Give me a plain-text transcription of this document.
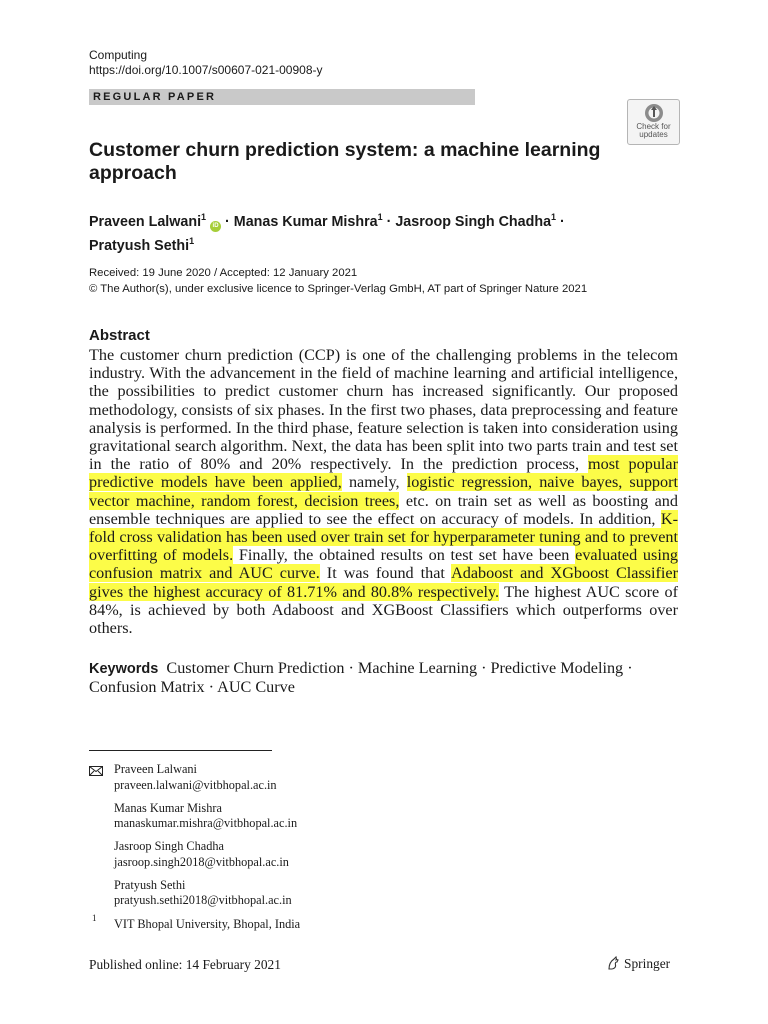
Computing
https://doi.org/10.1007/s00607-021-00908-y
REGULAR PAPER
Check for
updates
Customer churn prediction system: a machine learning approach
Praveen Lalwani$^1$ iD · Manas Kumar Mishra$^1$ · Jasroop Singh Chadha$^1$ ·
Pratyush Sethi$^1$
Received: 19 June 2020 / Accepted: 12 January 2021
© The Author(s), under exclusive licence to Springer-Verlag GmbH, AT part of Springer Nature 2021
Abstract
The customer churn prediction (CCP) is one of the challenging problems in the telecom industry. With the advancement in the field of machine learning and artificial intelligence, the possibilities to predict customer churn has increased significantly. Our proposed methodology, consists of six phases. In the first two phases, data preprocessing and feature analysis is performed. In the third phase, feature selection is taken into consideration using gravitational search algorithm. Next, the data has been split into two parts train and test set in the ratio of 80% and 20% respectively. In the prediction process, most popular predictive models have been applied, namely, logistic regression, naive bayes, support vector machine, random forest, decision trees, etc. on train set as well as boosting and ensemble techniques are applied to see the effect on accuracy of models. In addition, K-fold cross validation has been used over train set for hyperparameter tuning and to prevent overfitting of models. Finally, the obtained results on test set have been evaluated using confusion matrix and AUC curve. It was found that Adaboost and XGboost Classifier gives the highest accuracy of 81.71% and 80.8% respectively. The highest AUC score of 84%, is achieved by both Adaboost and XGBoost Classifiers which outperforms over others.
Keywords Customer Churn Prediction · Machine Learning · Predictive Modeling · Confusion Matrix · AUC Curve
Praveen Lalwani
praveen.lalwani@vitbhopal.ac.in
Manas Kumar Mishra
manaskumar.mishra@vitbhopal.ac.in
Jasroop Singh Chadha
jasroop.singh2018@vitbhopal.ac.in
Pratyush Sethi
pratyush.sethi2018@vitbhopal.ac.in
1 VIT Bhopal University, Bhopal, India
Published online: 14 February 2021	Springer
